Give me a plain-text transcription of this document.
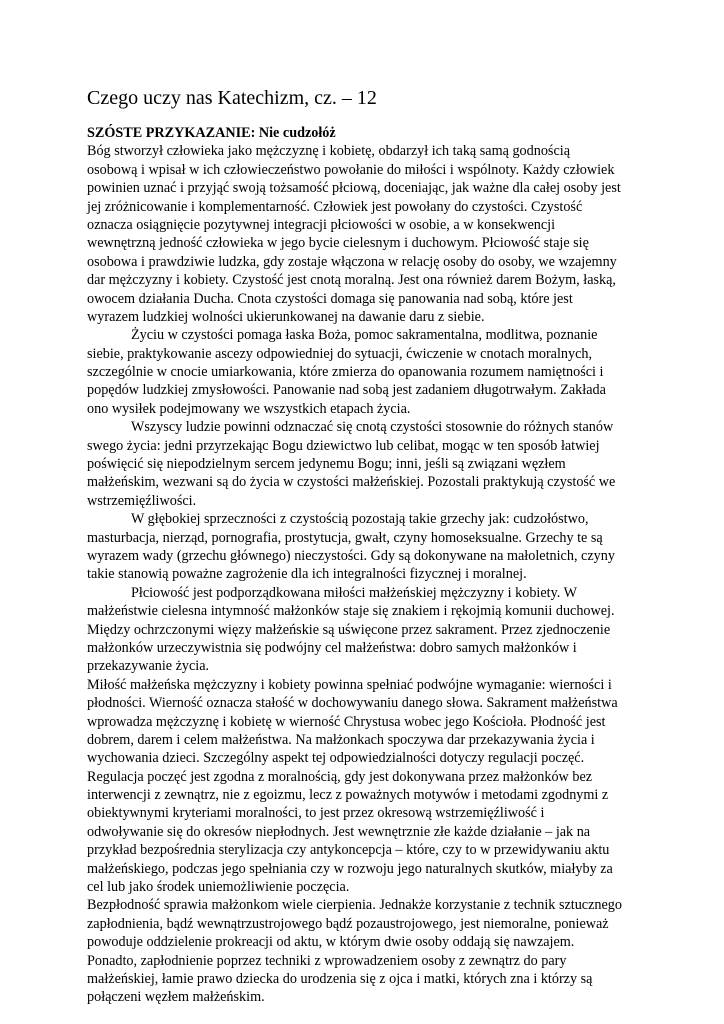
Czego uczy nas Katechizm, cz. – 12
SZÓSTE PRZYKAZANIE: Nie cudzołóż
Bóg stworzył człowieka jako mężczyznę i kobietę, obdarzył ich taką samą godnością
osobową i wpisał w ich człowieczeństwo powołanie do miłości i wspólnoty. Każdy człowiek
powinien uznać i przyjąć swoją tożsamość płciową, doceniając, jak ważne dla całej osoby jest
jej zróżnicowanie i komplementarność. Człowiek jest powołany do czystości. Czystość
oznacza osiągnięcie pozytywnej integracji płciowości w osobie, a w konsekwencji
wewnętrzną jedność człowieka w jego bycie cielesnym i duchowym. Płciowość staje się
osobowa i prawdziwie ludzka, gdy zostaje włączona w relację osoby do osoby, we wzajemny
dar mężczyzny i kobiety. Czystość jest cnotą moralną. Jest ona również darem Bożym, łaską,
owocem działania Ducha. Cnota czystości domaga się panowania nad sobą, które jest
wyrazem ludzkiej wolności ukierunkowanej na dawanie daru z siebie.
Życiu w czystości pomaga łaska Boża, pomoc sakramentalna, modlitwa, poznanie
siebie, praktykowanie ascezy odpowiedniej do sytuacji, ćwiczenie w cnotach moralnych,
szczególnie w cnocie umiarkowania, które zmierza do opanowania rozumem namiętności i
popędów ludzkiej zmysłowości. Panowanie nad sobą jest zadaniem długotrwałym. Zakłada
ono wysiłek podejmowany we wszystkich etapach życia.
Wszyscy ludzie powinni odznaczać się cnotą czystości stosownie do różnych stanów
swego życia: jedni przyrzekając Bogu dziewictwo lub celibat, mogąc w ten sposób łatwiej
poświęcić się niepodzielnym sercem jedynemu Bogu; inni, jeśli są związani węzłem
małżeńskim, wezwani są do życia w czystości małżeńskiej. Pozostali praktykują czystość we
wstrzemięźliwości.
W głębokiej sprzeczności z czystością pozostają takie grzechy jak: cudzołóstwo,
masturbacja, nierząd, pornografia, prostytucja, gwałt, czyny homoseksualne. Grzechy te są
wyrazem wady (grzechu głównego) nieczystości. Gdy są dokonywane na małoletnich, czyny
takie stanowią poważne zagrożenie dla ich integralności fizycznej i moralnej.
Płciowość jest podporządkowana miłości małżeńskiej mężczyzny i kobiety. W
małżeństwie cielesna intymność małżonków staje się znakiem i rękojmią komunii duchowej.
Między ochrzczonymi więzy małżeńskie są uświęcone przez sakrament. Przez zjednoczenie
małżonków urzeczywistnia się podwójny cel małżeństwa: dobro samych małżonków i
przekazywanie życia.
Miłość małżeńska mężczyzny i kobiety powinna spełniać podwójne wymaganie: wierności i
płodności. Wierność oznacza stałość w dochowywaniu danego słowa. Sakrament małżeństwa
wprowadza mężczyznę i kobietę w wierność Chrystusa wobec jego Kościoła. Płodność jest
dobrem, darem i celem małżeństwa. Na małżonkach spoczywa dar przekazywania życia i
wychowania dzieci. Szczególny aspekt tej odpowiedzialności dotyczy regulacji poczęć.
Regulacja poczęć jest zgodna z moralnością, gdy jest dokonywana przez małżonków bez
interwencji z zewnątrz, nie z egoizmu, lecz z poważnych motywów i metodami zgodnymi z
obiektywnymi kryteriami moralności, to jest przez okresową wstrzemięźliwość i
odwoływanie się do okresów niepłodnych. Jest wewnętrznie złe każde działanie – jak na
przykład bezpośrednia sterylizacja czy antykoncepcja – które, czy to w przewidywaniu aktu
małżeńskiego, podczas jego spełniania czy w rozwoju jego naturalnych skutków, miałyby za
cel lub jako środek uniemożliwienie poczęcia.
Bezpłodność sprawia małżonkom wiele cierpienia. Jednakże korzystanie z technik sztucznego
zapłodnienia, bądź wewnątrzustrojowego bądź pozaustrojowego, jest niemoralne, ponieważ
powoduje oddzielenie prokreacji od aktu, w którym dwie osoby oddają się nawzajem.
Ponadto, zapłodnienie poprzez techniki z wprowadzeniem osoby z zewnątrz do pary
małżeńskiej, łamie prawo dziecka do urodzenia się z ojca i matki, których zna i którzy są
połączeni węzłem małżeńskim.
